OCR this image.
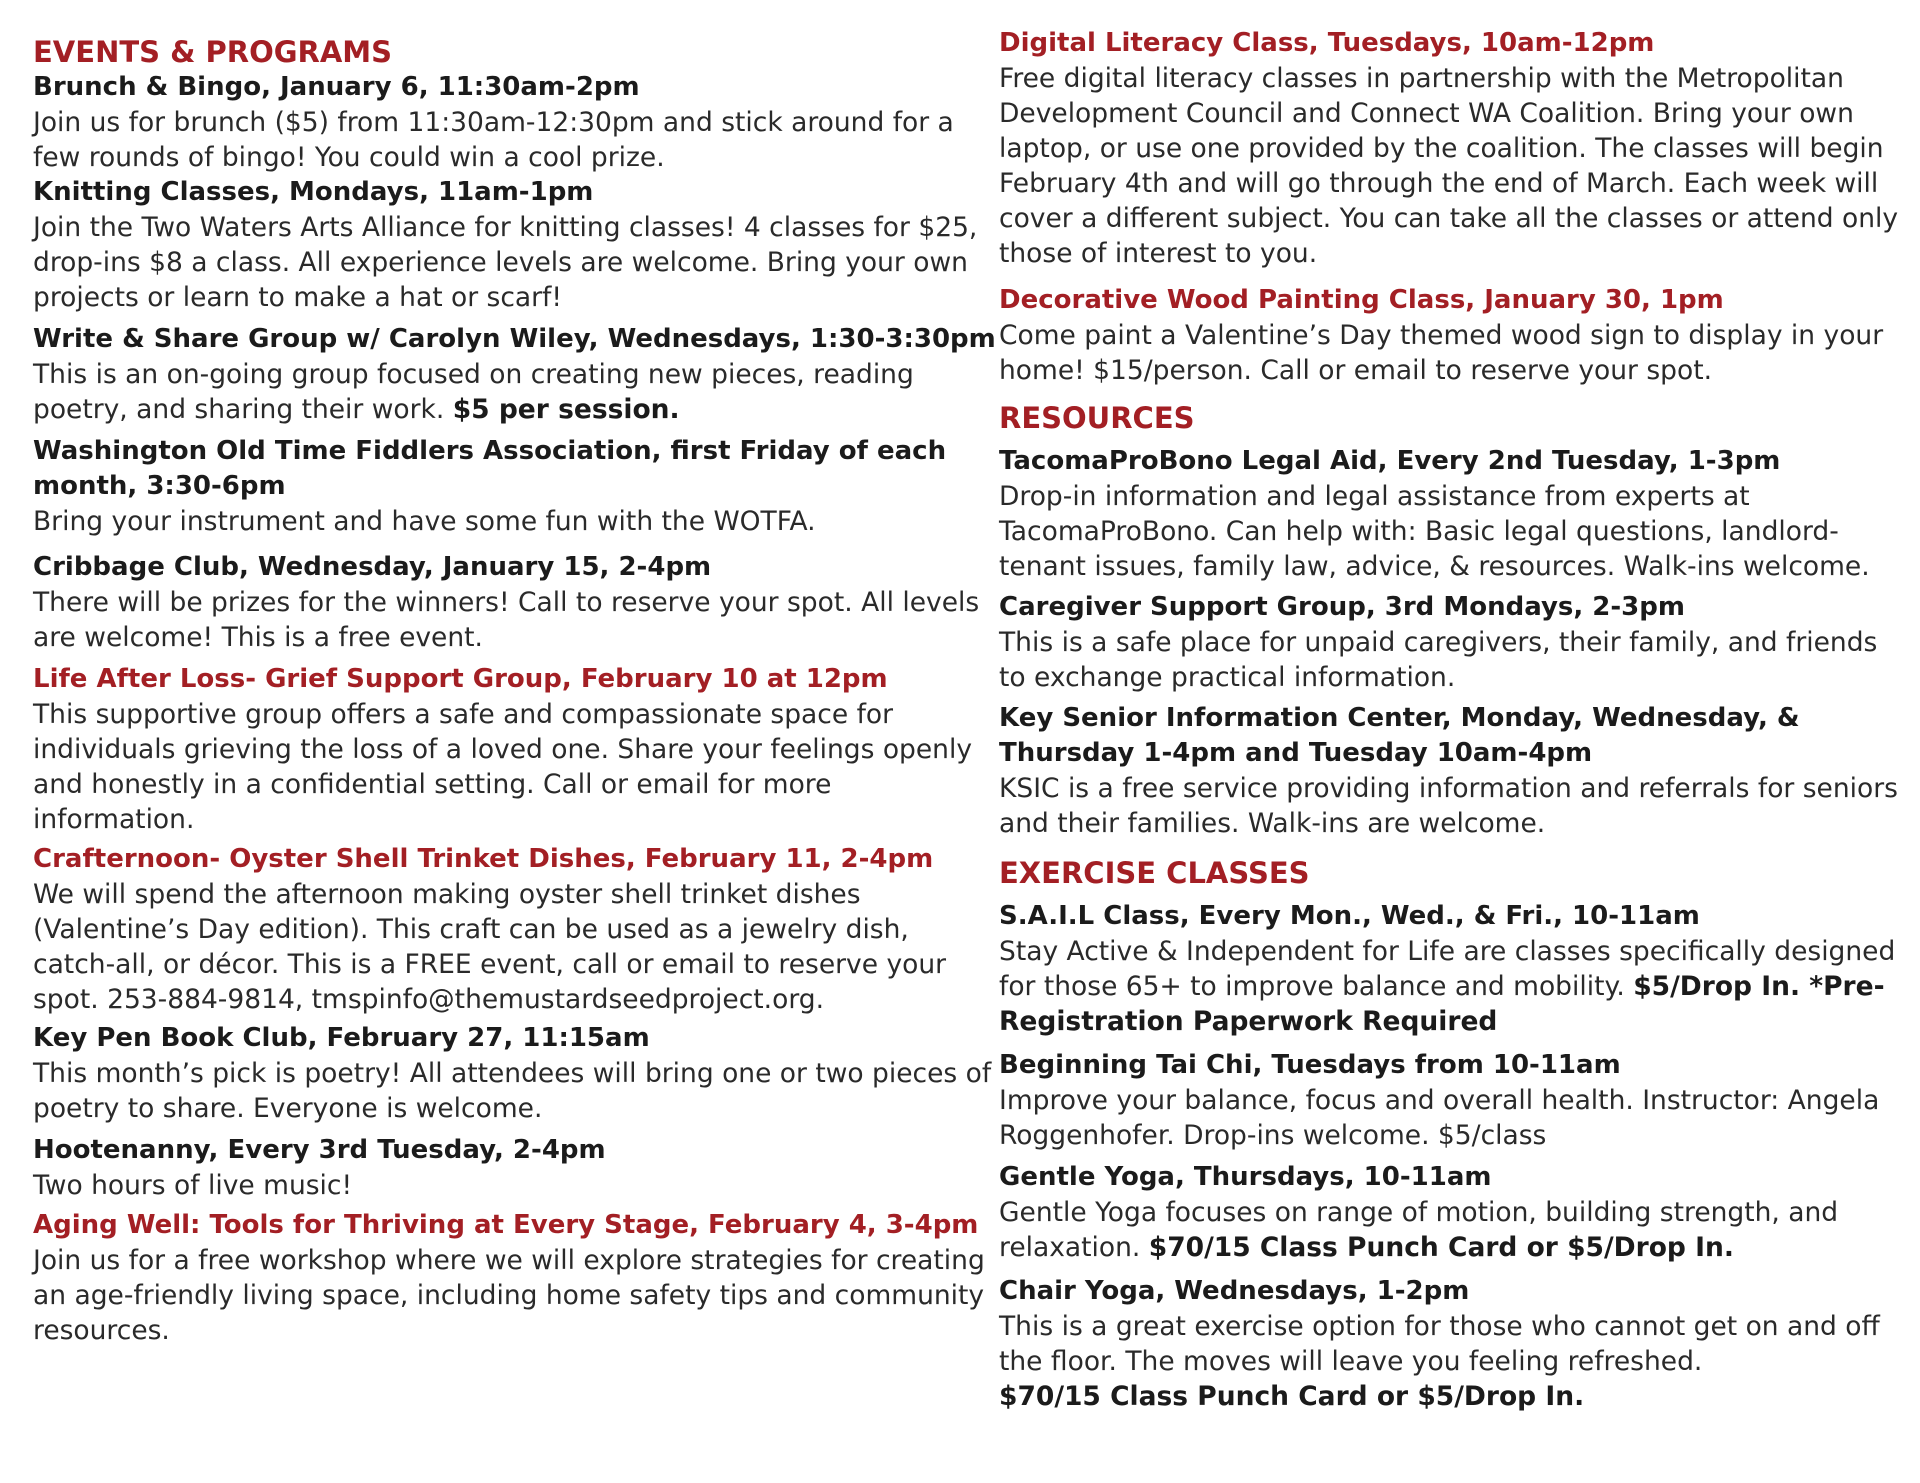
EVENTS & PROGRAMS

Brunch & Bingo, January 6, 11:30am-2pm

Join us for brunch ($5) from 11:30am-12:30pm and stick around for a few rounds of bingo! You could win a cool prize.

Knitting Classes, Mondays, 11am-1pm

Join the Two Waters Arts Alliance for knitting classes! 4 classes for $25, drop-ins $8 a class. All experience levels are welcome. Bring your own projects or learn to make a hat or scarf!

Write & Share Group w/ Carolyn Wiley, Wednesdays, 1:30-3:30pm

This is an on-going group focused on creating new pieces, reading poetry, and sharing their work. $5 per session.

Washington Old Time Fiddlers Association, first Friday of each month, 3:30-6pm

Bring your instrument and have some fun with the WOTFA.

Cribbage Club, Wednesday, January 15, 2-4pm

There will be prizes for the winners! Call to reserve your spot. All levels are welcome! This is a free event.

Life After Loss- Grief Support Group, February 10 at 12pm

This supportive group offers a safe and compassionate space for individuals grieving the loss of a loved one. Share your feelings openly and honestly in a confidential setting. Call or email for more information.

Crafternoon- Oyster Shell Trinket Dishes, February 11, 2-4pm

We will spend the afternoon making oyster shell trinket dishes (Valentine’s Day edition). This craft can be used as a jewelry dish, catch-all, or décor. This is a FREE event, call or email to reserve your spot. 253-884-9814, tmspinfo@themustardseedproject.org.

Key Pen Book Club, February 27, 11:15am

This month’s pick is poetry! All attendees will bring one or two pieces of poetry to share. Everyone is welcome.

Hootenanny, Every 3rd Tuesday, 2-4pm

Two hours of live music!

Aging Well: Tools for Thriving at Every Stage, February 4, 3-4pm

Join us for a free workshop where we will explore strategies for creating an age-friendly living space, including home safety tips and community resources.

Digital Literacy Class, Tuesdays, 10am-12pm

Free digital literacy classes in partnership with the Metropolitan Development Council and Connect WA Coalition. Bring your own laptop, or use one provided by the coalition. The classes will begin February 4th and will go through the end of March. Each week will cover a different subject. You can take all the classes or attend only those of interest to you.

Decorative Wood Painting Class, January 30, 1pm

Come paint a Valentine’s Day themed wood sign to display in your home! $15/person. Call or email to reserve your spot.

RESOURCES

TacomaProBono Legal Aid, Every 2nd Tuesday, 1-3pm

Drop-in information and legal assistance from experts at TacomaProBono. Can help with: Basic legal questions, landlord-tenant issues, family law, advice, & resources. Walk-ins welcome.

Caregiver Support Group, 3rd Mondays, 2-3pm

This is a safe place for unpaid caregivers, their family, and friends to exchange practical information.

Key Senior Information Center, Monday, Wednesday, & Thursday 1-4pm and Tuesday 10am-4pm

KSIC is a free service providing information and referrals for seniors and their families. Walk-ins are welcome.

EXERCISE CLASSES

S.A.I.L Class, Every Mon., Wed., & Fri., 10-11am

Stay Active & Independent for Life are classes specifically designed for those 65+ to improve balance and mobility. $5/Drop In. *Pre-Registration Paperwork Required

Beginning Tai Chi, Tuesdays from 10-11am

Improve your balance, focus and overall health. Instructor: Angela Roggenhofer. Drop-ins welcome. $5/class

Gentle Yoga, Thursdays, 10-11am

Gentle Yoga focuses on range of motion, building strength, and relaxation. $70/15 Class Punch Card or $5/Drop In.

Chair Yoga, Wednesdays, 1-2pm

This is a great exercise option for those who cannot get on and off the floor. The moves will leave you feeling refreshed.
$70/15 Class Punch Card or $5/Drop In.
